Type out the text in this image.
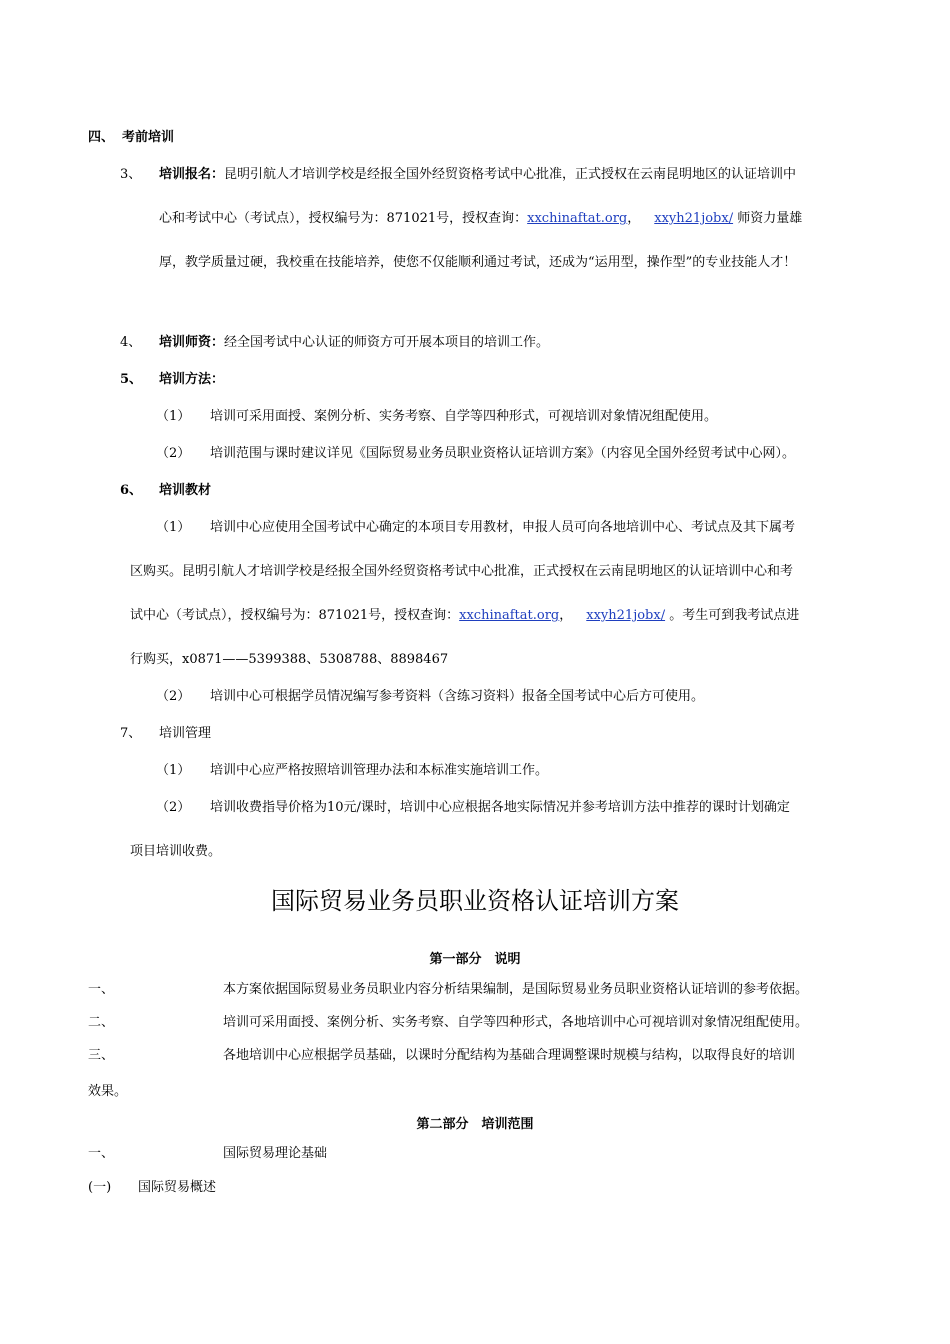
四、 考前培训
3、 培训报名：昆明引航人才培训学校是经报全国外经贸资格考试中心批准，正式授权在云南昆明地区的认证培训中
心和考试中心（考试点），授权编号为：871021号，授权查询：xxchinaftat.org， xxyh21jobx/ 师资力量雄
厚，教学质量过硬，我校重在技能培养，使您不仅能顺利通过考试，还成为“运用型，操作型”的专业技能人才！
4、 培训师资：经全国考试中心认证的师资方可开展本项目的培训工作。
5、 培训方法：
（1） 培训可采用面授、案例分析、实务考察、自学等四种形式，可视培训对象情况组配使用。
（2） 培训范围与课时建议详见《国际贸易业务员职业资格认证培训方案》（内容见全国外经贸考试中心网）。
6、 培训教材
（1） 培训中心应使用全国考试中心确定的本项目专用教材，申报人员可向各地培训中心、考试点及其下属考
区购买。昆明引航人才培训学校是经报全国外经贸资格考试中心批准，正式授权在云南昆明地区的认证培训中心和考
试中心（考试点），授权编号为：871021号，授权查询：xxchinaftat.org， xxyh21jobx/ 。考生可到我考试点进
行购买，x0871——5399388、5308788、8898467
（2） 培训中心可根据学员情况编写参考资料（含练习资料）报备全国考试中心后方可使用。
7、 培训管理
（1） 培训中心应严格按照培训管理办法和本标准实施培训工作。
（2） 培训收费指导价格为10元/课时，培训中心应根据各地实际情况并参考培训方法中推荐的课时计划确定
项目培训收费。
国际贸易业务员职业资格认证培训方案
第一部分　说明
一、	本方案依据国际贸易业务员职业内容分析结果编制，是国际贸易业务员职业资格认证培训的参考依据。
二、	培训可采用面授、案例分析、实务考察、自学等四种形式，各地培训中心可视培训对象情况组配使用。
三、	各地培训中心应根据学员基础，以课时分配结构为基础合理调整课时规模与结构，以取得良好的培训
效果。
第二部分　培训范围
一、	国际贸易理论基础
(一) 国际贸易概述
